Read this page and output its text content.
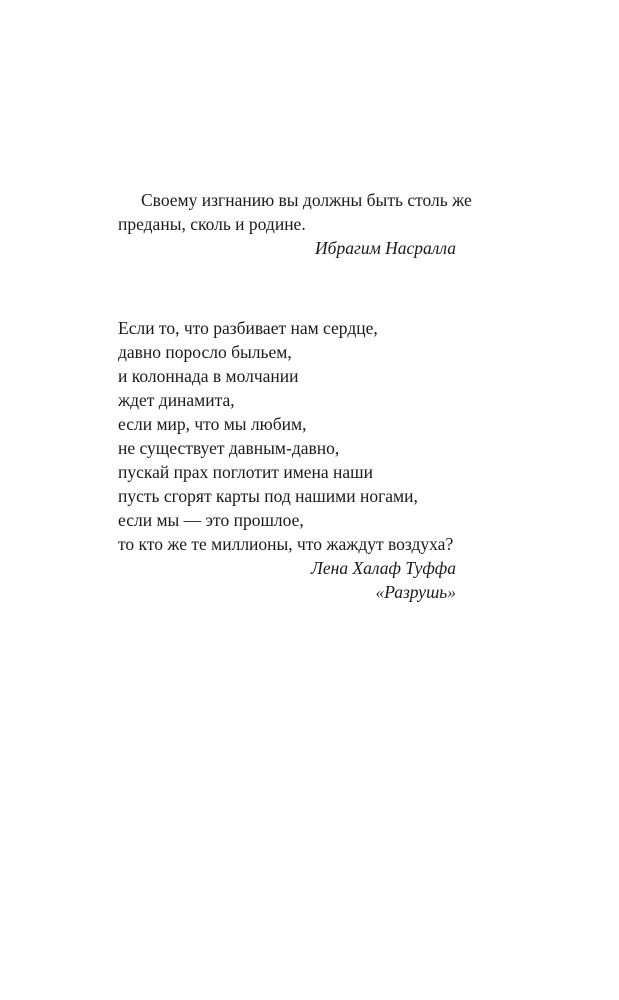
Своему изгнанию вы должны быть столь же
преданы, сколь и родине.
Ибрагим Насралла
Если то, что разбивает нам сердце,
давно поросло быльем,
и колоннада в молчании
ждет динамита,
если мир, что мы любим,
не существует давным-давно,
пускай прах поглотит имена наши
пусть сгорят карты под нашими ногами,
если мы — это прошлое,
то кто же те миллионы, что жаждут воздуха?
Лена Халаф Туффа
«Разрушь»
